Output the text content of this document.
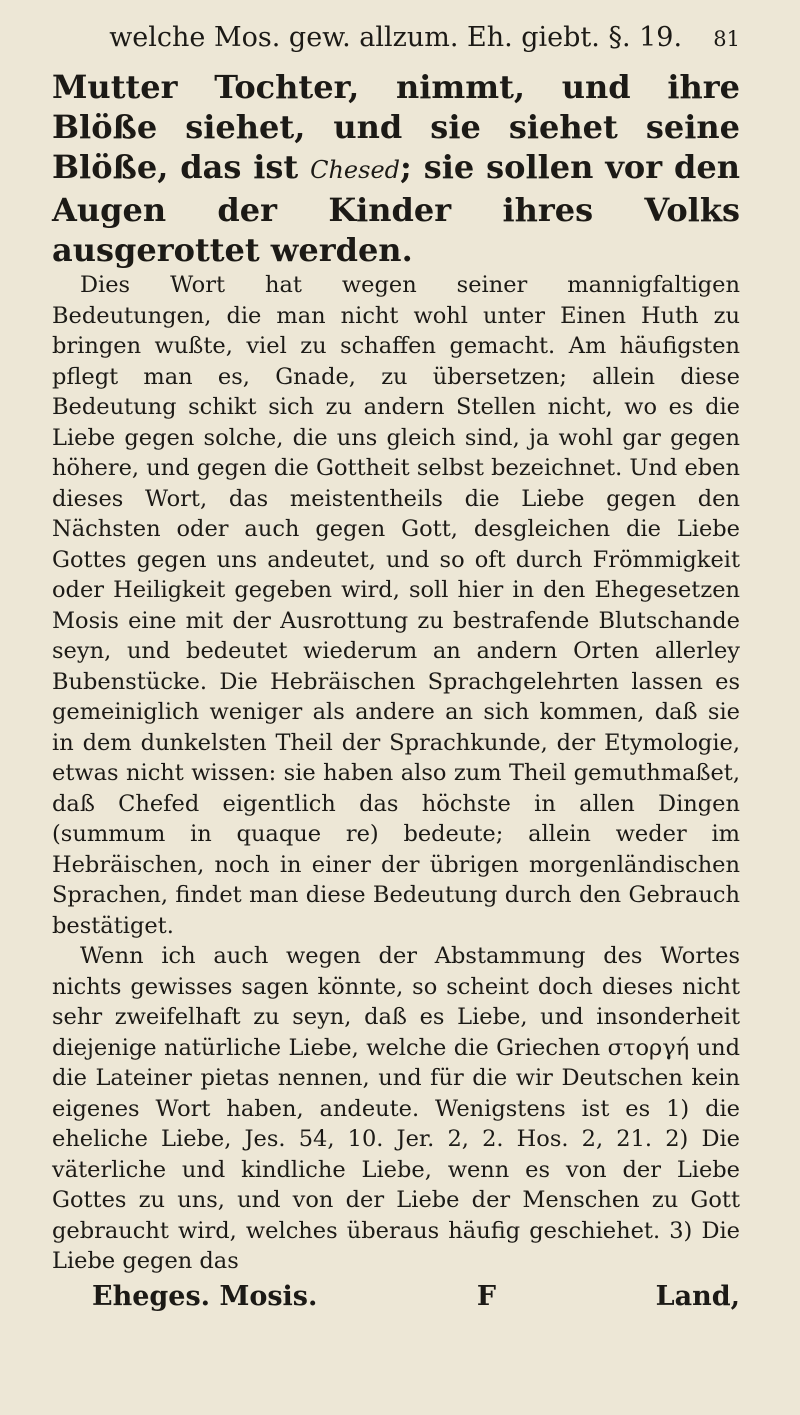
welche Mos. gew. allzum. Eh. giebt. §. 19.	81
Mutter Tochter, nimmt, und ihre Blöße siehet, und sie siehet seine Blöße, das ist Chesed; sie sollen vor den Augen der Kinder ihres Volks ausgerottet werden.

Dies Wort hat wegen seiner mannigfaltigen Bedeutungen, die man nicht wohl unter Einen Huth zu bringen wußte, viel zu schaffen gemacht. Am häufigsten pflegt man es, Gnade, zu übersetzen; allein diese Bedeutung schikt sich zu andern Stellen nicht, wo es die Liebe gegen solche, die uns gleich sind, ja wohl gar gegen höhere, und gegen die Gottheit selbst bezeichnet. Und eben dieses Wort, das meistentheils die Liebe gegen den Nächsten oder auch gegen Gott, desgleichen die Liebe Gottes gegen uns andeutet, und so oft durch Frömmigkeit oder Heiligkeit gegeben wird, soll hier in den Ehegesetzen Mosis eine mit der Ausrottung zu bestrafende Blutschande seyn, und bedeutet wiederum an andern Orten allerley Bubenstücke. Die Hebräischen Sprachgelehrten lassen es gemeiniglich weniger als andere an sich kommen, daß sie in dem dunkelsten Theil der Sprachkunde, der Etymologie, etwas nicht wissen: sie haben also zum Theil gemuthmaßet, daß Chefed eigentlich das höchste in allen Dingen (summum in quaque re) bedeute; allein weder im Hebräischen, noch in einer der übrigen morgenländischen Sprachen, findet man diese Bedeutung durch den Gebrauch bestätiget.

Wenn ich auch wegen der Abstammung des Wortes nichts gewisses sagen könnte, so scheint doch dieses nicht sehr zweifelhaft zu seyn, daß es Liebe, und insonderheit diejenige natürliche Liebe, welche die Griechen στοργή und die Lateiner pietas nennen, und für die wir Deutschen kein eigenes Wort haben, andeute. Wenigstens ist es 1) die eheliche Liebe, Jes. 54, 10. Jer. 2, 2. Hos. 2, 21. 2) Die väterliche und kindliche Liebe, wenn es von der Liebe Gottes zu uns, und von der Liebe der Menschen zu Gott gebraucht wird, welches überaus häufig geschiehet. 3) Die Liebe gegen das

Eheges. Mosis.	F	Land,
